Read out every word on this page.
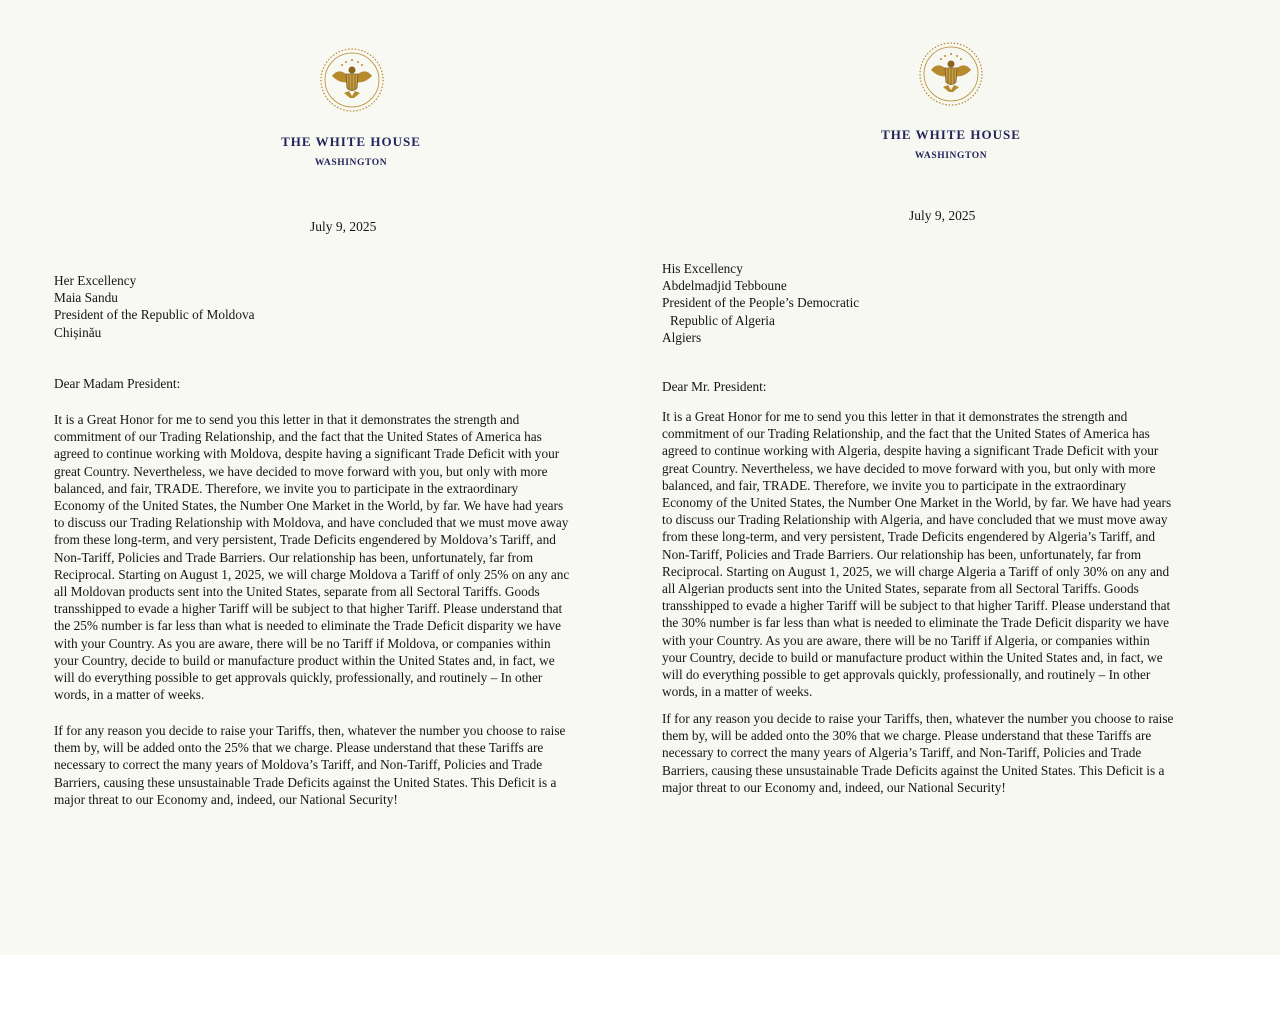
THE WHITE HOUSE
WASHINGTON
July 9, 2025
Her Excellency
Maia Sandu
President of the Republic of Moldova
Chișinău
Dear Madam President:
It is a Great Honor for me to send you this letter in that it demonstrates the strength and
commitment of our Trading Relationship, and the fact that the United States of America has
agreed to continue working with Moldova, despite having a significant Trade Deficit with your
great Country. Nevertheless, we have decided to move forward with you, but only with more
balanced, and fair, TRADE. Therefore, we invite you to participate in the extraordinary
Economy of the United States, the Number One Market in the World, by far. We have had years
to discuss our Trading Relationship with Moldova, and have concluded that we must move away
from these long-term, and very persistent, Trade Deficits engendered by Moldova’s Tariff, and
Non-Tariff, Policies and Trade Barriers. Our relationship has been, unfortunately, far from
Reciprocal. Starting on August 1, 2025, we will charge Moldova a Tariff of only 25% on any anc
all Moldovan products sent into the United States, separate from all Sectoral Tariffs. Goods
transshipped to evade a higher Tariff will be subject to that higher Tariff. Please understand that
the 25% number is far less than what is needed to eliminate the Trade Deficit disparity we have
with your Country. As you are aware, there will be no Tariff if Moldova, or companies within
your Country, decide to build or manufacture product within the United States and, in fact, we
will do everything possible to get approvals quickly, professionally, and routinely – In other
words, in a matter of weeks.
If for any reason you decide to raise your Tariffs, then, whatever the number you choose to raise
them by, will be added onto the 25% that we charge. Please understand that these Tariffs are
necessary to correct the many years of Moldova’s Tariff, and Non-Tariff, Policies and Trade
Barriers, causing these unsustainable Trade Deficits against the United States. This Deficit is a
major threat to our Economy and, indeed, our National Security!
THE WHITE HOUSE
WASHINGTON
July 9, 2025
His Excellency
Abdelmadjid Tebboune
President of the People’s Democratic
Republic of Algeria
Algiers
Dear Mr. President:
It is a Great Honor for me to send you this letter in that it demonstrates the strength and
commitment of our Trading Relationship, and the fact that the United States of America has
agreed to continue working with Algeria, despite having a significant Trade Deficit with your
great Country. Nevertheless, we have decided to move forward with you, but only with more
balanced, and fair, TRADE. Therefore, we invite you to participate in the extraordinary
Economy of the United States, the Number One Market in the World, by far. We have had years
to discuss our Trading Relationship with Algeria, and have concluded that we must move away
from these long-term, and very persistent, Trade Deficits engendered by Algeria’s Tariff, and
Non-Tariff, Policies and Trade Barriers. Our relationship has been, unfortunately, far from
Reciprocal. Starting on August 1, 2025, we will charge Algeria a Tariff of only 30% on any and
all Algerian products sent into the United States, separate from all Sectoral Tariffs. Goods
transshipped to evade a higher Tariff will be subject to that higher Tariff. Please understand that
the 30% number is far less than what is needed to eliminate the Trade Deficit disparity we have
with your Country. As you are aware, there will be no Tariff if Algeria, or companies within
your Country, decide to build or manufacture product within the United States and, in fact, we
will do everything possible to get approvals quickly, professionally, and routinely – In other
words, in a matter of weeks.
If for any reason you decide to raise your Tariffs, then, whatever the number you choose to raise
them by, will be added onto the 30% that we charge. Please understand that these Tariffs are
necessary to correct the many years of Algeria’s Tariff, and Non-Tariff, Policies and Trade
Barriers, causing these unsustainable Trade Deficits against the United States. This Deficit is a
major threat to our Economy and, indeed, our National Security!
